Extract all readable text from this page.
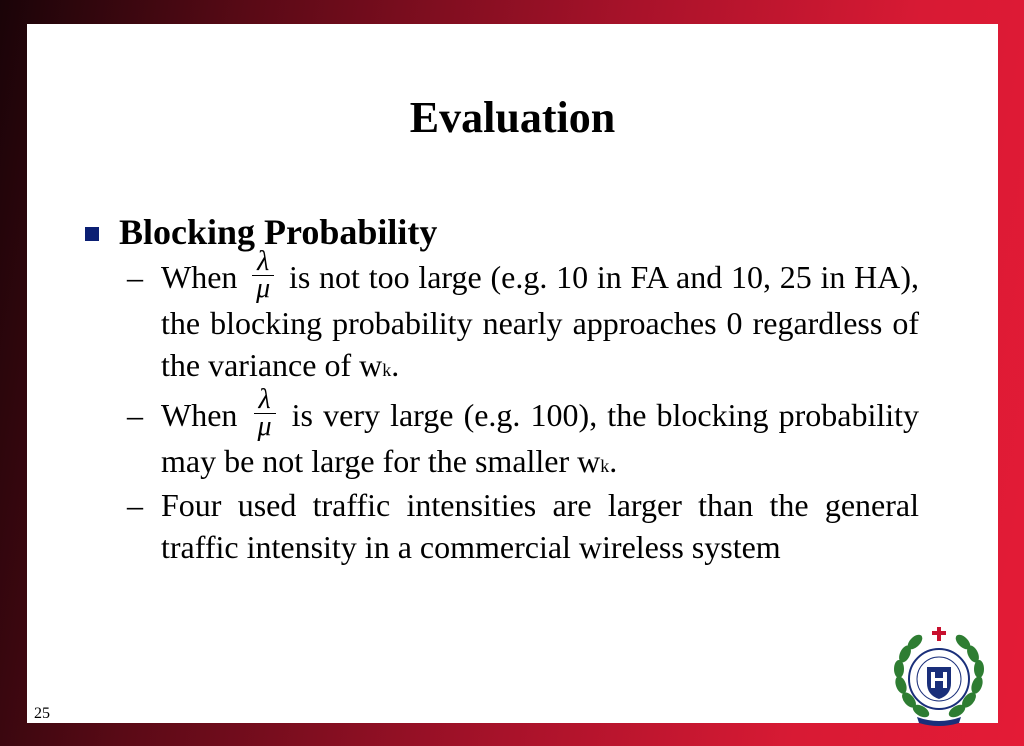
Evaluation
Blocking Probability
– When $\frac{\lambda}{\mu}$ is not too large (e.g. 10 in FA and 10, 25 in HA), the blocking probability nearly approaches 0 regardless of the variance of wk.
– When $\frac{\lambda}{\mu}$ is very large (e.g. 100), the blocking probability may be not large for the smaller wk.
– Four used traffic intensities are larger than the general traffic intensity in a commercial wireless system
25
